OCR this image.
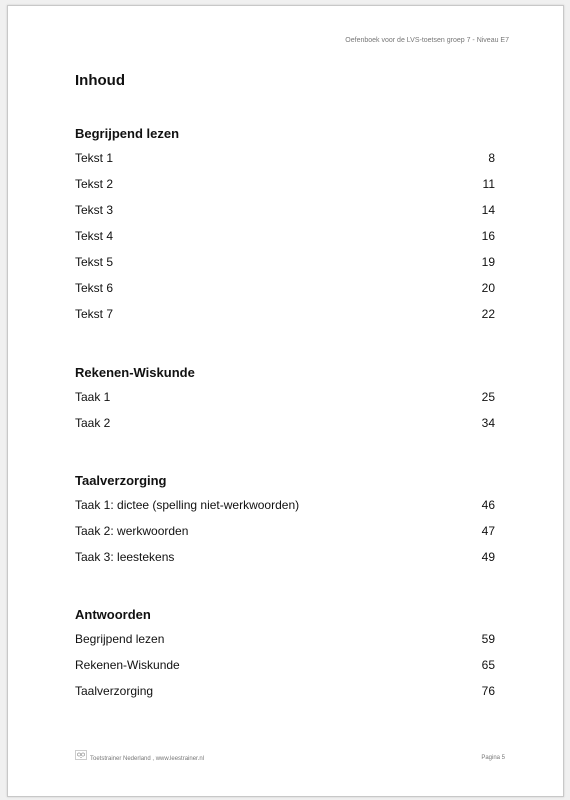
Oefenboek voor de LVS-toetsen groep 7 - Niveau E7
Inhoud
Begrijpend lezen
Tekst 1	8
Tekst 2	11
Tekst 3	14
Tekst 4	16
Tekst 5	19
Tekst 6	20
Tekst 7	22
Rekenen-Wiskunde
Taak 1	25
Taak 2	34
Taalverzorging
Taak 1: dictee (spelling niet-werkwoorden)	46
Taak 2: werkwoorden	47
Taak 3: leestekens	49
Antwoorden
Begrijpend lezen	59
Rekenen-Wiskunde	65
Taalverzorging	76
Toetstrainer Nederland , www.leestrainer.nl	Pagina 5
